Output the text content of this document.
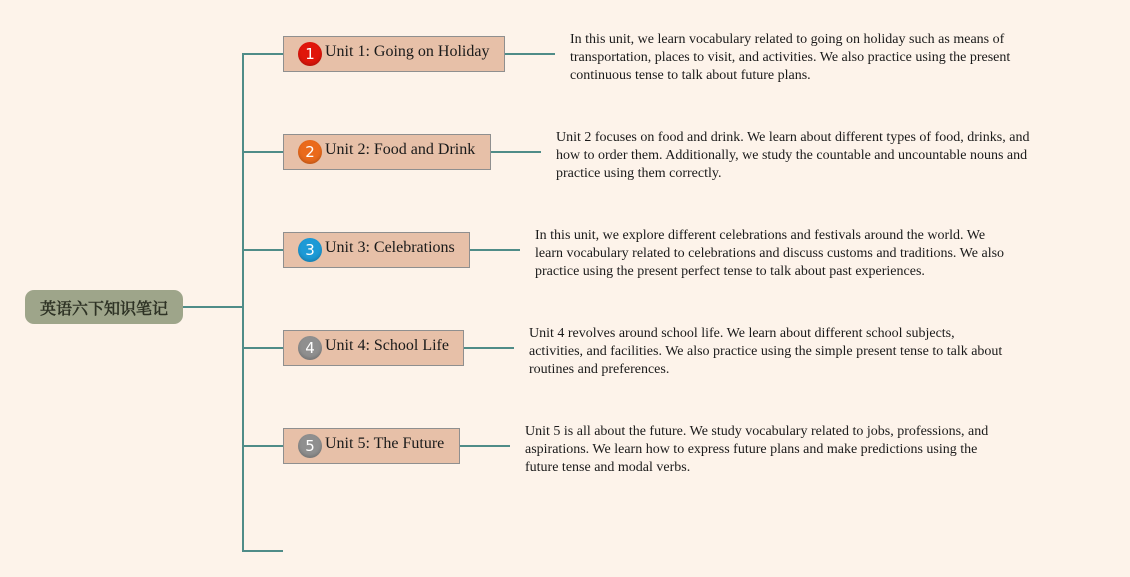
英语六下知识笔记
1 Unit 1: Going on Holiday
In this unit, we learn vocabulary related to going on holiday such as means of transportation, places to visit, and activities. We also practice using the present continuous tense to talk about future plans.
2 Unit 2: Food and Drink
Unit 2 focuses on food and drink. We learn about different types of food, drinks, and how to order them. Additionally, we study the countable and uncountable nouns and practice using them correctly.
3 Unit 3: Celebrations
In this unit, we explore different celebrations and festivals around the world. We learn vocabulary related to celebrations and discuss customs and traditions. We also practice using the present perfect tense to talk about past experiences.
4 Unit 4: School Life
Unit 4 revolves around school life. We learn about different school subjects, activities, and facilities. We also practice using the simple present tense to talk about routines and preferences.
5 Unit 5: The Future
Unit 5 is all about the future. We study vocabulary related to jobs, professions, and aspirations. We learn how to express future plans and make predictions using the future tense and modal verbs.
